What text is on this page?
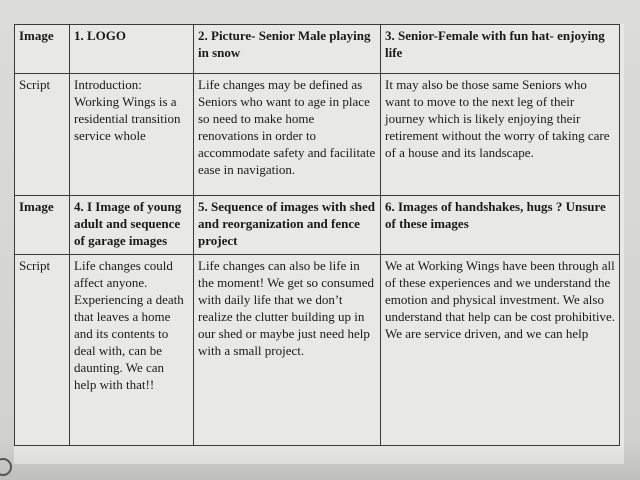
Image	1. LOGO	2. Picture- Senior Male playing in snow	3. Senior-Female with fun hat- enjoying life
Script	Introduction: Working Wings is a residential transition service whole	Life changes may be defined as Seniors who want to age in place so need to make home renovations in order to accommodate safety and facilitate ease in navigation.	It may also be those same Seniors who want to move to the next leg of their journey which is likely enjoying their retirement without the worry of taking care of a house and its landscape.
Image	4. I Image of young adult and sequence of garage images	5. Sequence of images with shed and reorganization and fence project	6. Images of handshakes, hugs ? Unsure of these images
Script	Life changes could affect anyone. Experiencing a death that leaves a home and its contents to deal with, can be daunting. We can help with that!!	Life changes can also be life in the moment! We get so consumed with daily life that we don’t realize the clutter building up in our shed or maybe just need help with a small project.	We at Working Wings have been through all of these experiences and we understand the emotion and physical investment. We also understand that help can be cost prohibitive. We are service driven, and we can help
